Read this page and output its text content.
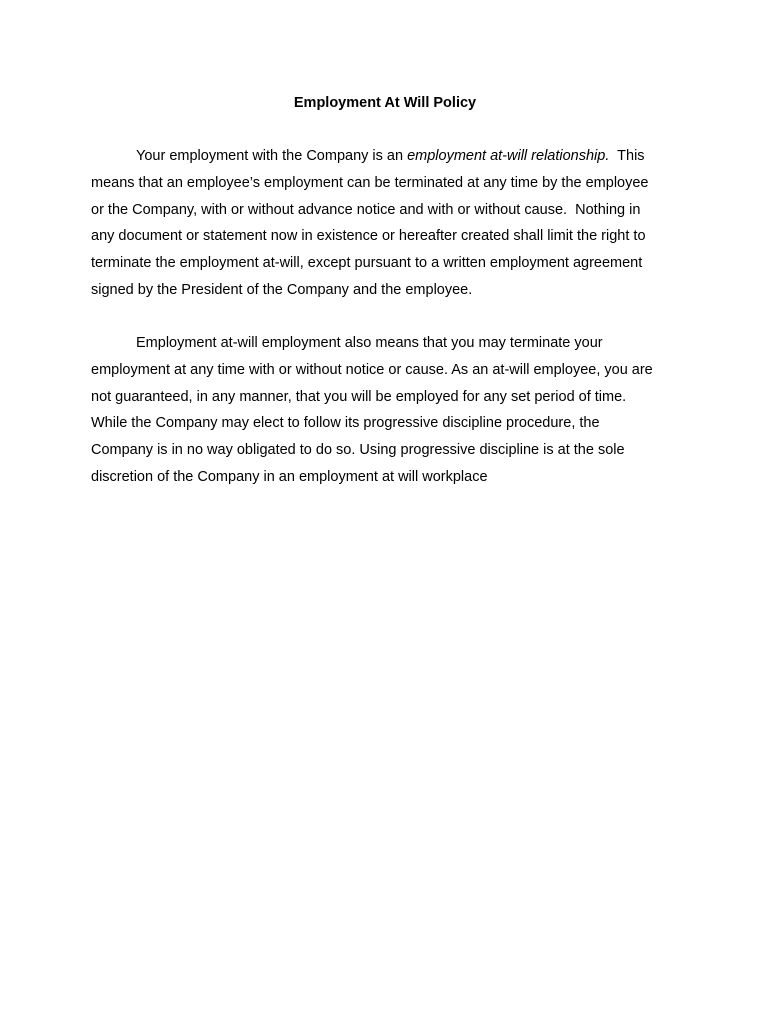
Employment At Will Policy

Your employment with the Company is an employment at-will relationship.  This
means that an employee’s employment can be terminated at any time by the employee
or the Company, with or without advance notice and with or without cause.  Nothing in
any document or statement now in existence or hereafter created shall limit the right to
terminate the employment at-will, except pursuant to a written employment agreement
signed by the President of the Company and the employee.

Employment at-will employment also means that you may terminate your
employment at any time with or without notice or cause. As an at-will employee, you are
not guaranteed, in any manner, that you will be employed for any set period of time.
While the Company may elect to follow its progressive discipline procedure, the
Company is in no way obligated to do so. Using progressive discipline is at the sole
discretion of the Company in an employment at will workplace
